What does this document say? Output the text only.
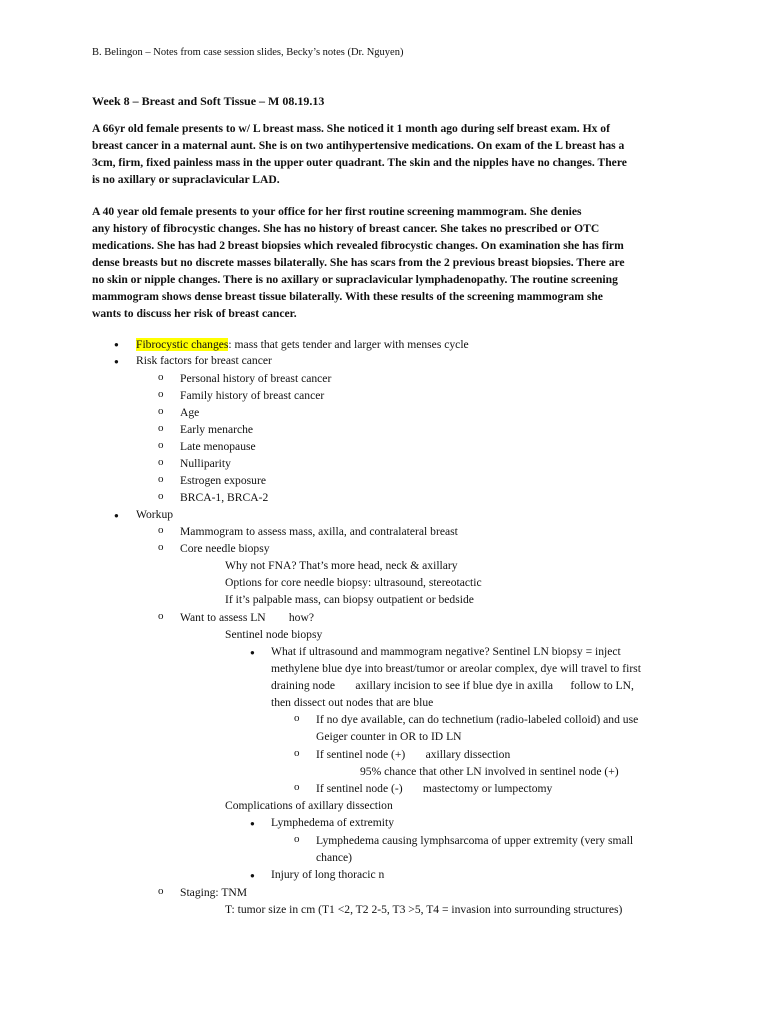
B. Belingon – Notes from case session slides, Becky’s notes (Dr. Nguyen)
Week 8 – Breast and Soft Tissue – M 08.19.13
A 66yr old female presents to w/ L breast mass. She noticed it 1 month ago during self breast exam. Hx of
breast cancer in a maternal aunt. She is on two antihypertensive medications. On exam of the L breast has a
3cm, firm, fixed painless mass in the upper outer quadrant. The skin and the nipples have no changes. There
is no axillary or supraclavicular LAD.
A 40 year old female presents to your office for her first routine screening mammogram. She denies
any history of fibrocystic changes. She has no history of breast cancer. She takes no prescribed or OTC
medications. She has had 2 breast biopsies which revealed fibrocystic changes. On examination she has firm
dense breasts but no discrete masses bilaterally. She has scars from the 2 previous breast biopsies. There are
no skin or nipple changes. There is no axillary or supraclavicular lymphadenopathy. The routine screening
mammogram shows dense breast tissue bilaterally. With these results of the screening mammogram she
wants to discuss her risk of breast cancer.
● Fibrocystic changes: mass that gets tender and larger with menses cycle
● Risk factors for breast cancer
o Personal history of breast cancer
o Family history of breast cancer
o Age
o Early menarche
o Late menopause
o Nulliparity
o Estrogen exposure
o BRCA-1, BRCA-2
● Workup
o Mammogram to assess mass, axilla, and contralateral breast
o Core needle biopsy
Why not FNA? That’s more head, neck & axillary
Options for core needle biopsy: ultrasound, stereotactic
If it’s palpable mass, can biopsy outpatient or bedside
o Want to assess LN        how?
Sentinel node biopsy
● What if ultrasound and mammogram negative? Sentinel LN biopsy = inject
methylene blue dye into breast/tumor or areolar complex, dye will travel to first
draining node       axillary incision to see if blue dye in axilla      follow to LN,
then dissect out nodes that are blue
o If no dye available, can do technetium (radio-labeled colloid) and use
Geiger counter in OR to ID LN
o If sentinel node (+)       axillary dissection
95% chance that other LN involved in sentinel node (+)
o If sentinel node (-)       mastectomy or lumpectomy
Complications of axillary dissection
● Lymphedema of extremity
o Lymphedema causing lymphsarcoma of upper extremity (very small
chance)
● Injury of long thoracic n
o Staging: TNM
T: tumor size in cm (T1 <2, T2 2-5, T3 >5, T4 = invasion into surrounding structures)
